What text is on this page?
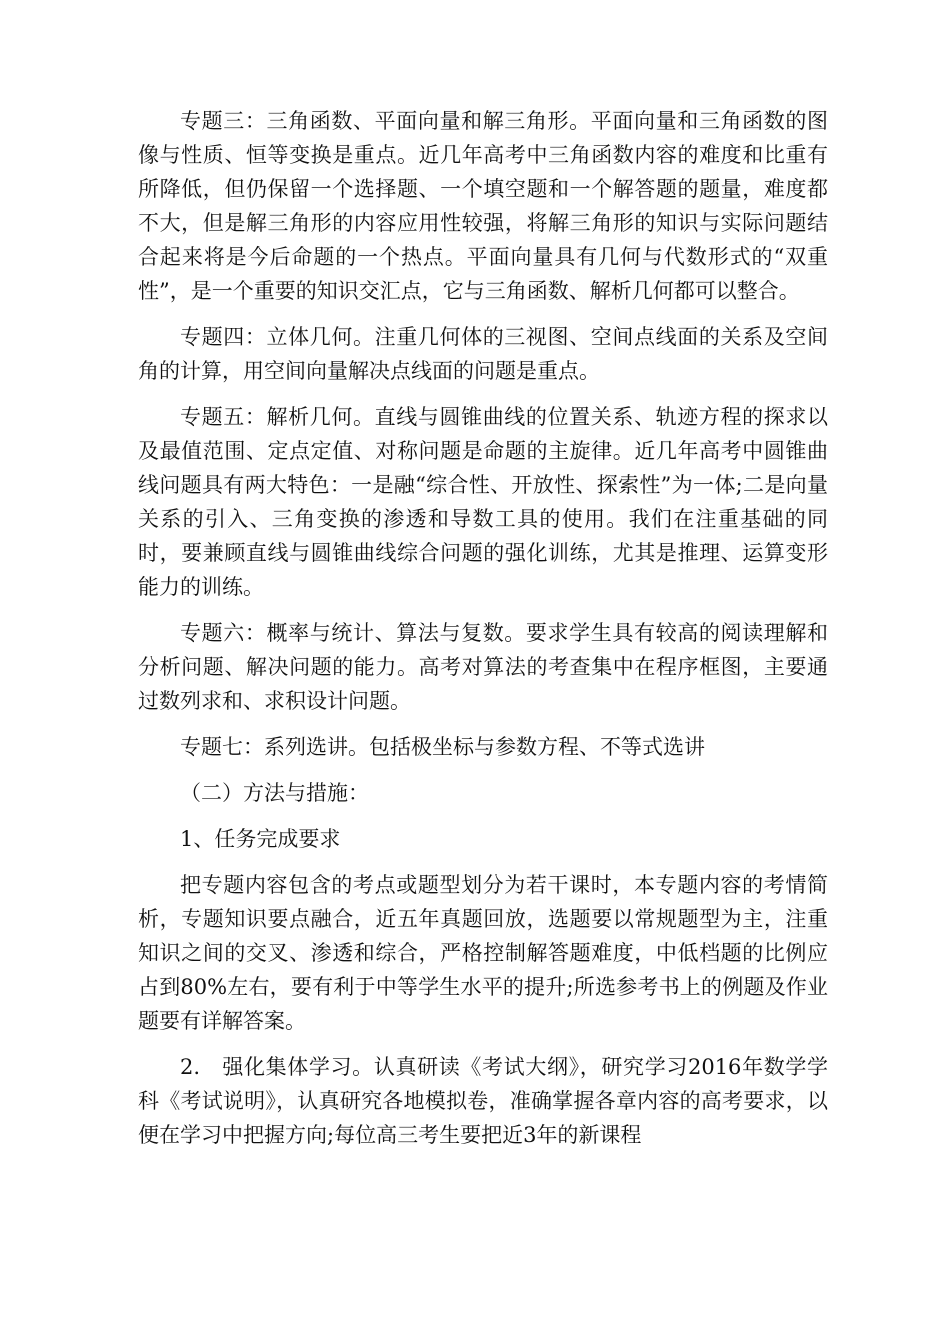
专题三：三角函数、平面向量和解三角形。平面向量和三角函数的图像与性质、恒等变换是重点。近几年高考中三角函数内容的难度和比重有所降低，但仍保留一个选择题、一个填空题和一个解答题的题量，难度都不大，但是解三角形的内容应用性较强，将解三角形的知识与实际问题结合起来将是今后命题的一个热点。平面向量具有几何与代数形式的“双重性”，是一个重要的知识交汇点，它与三角函数、解析几何都可以整合。

专题四：立体几何。注重几何体的三视图、空间点线面的关系及空间角的计算，用空间向量解决点线面的问题是重点。

专题五：解析几何。直线与圆锥曲线的位置关系、轨迹方程的探求以及最值范围、定点定值、对称问题是命题的主旋律。近几年高考中圆锥曲线问题具有两大特色：一是融“综合性、开放性、探索性”为一体;二是向量关系的引入、三角变换的渗透和导数工具的使用。我们在注重基础的同时，要兼顾直线与圆锥曲线综合问题的强化训练，尤其是推理、运算变形能力的训练。

专题六：概率与统计、算法与复数。要求学生具有较高的阅读理解和分析问题、解决问题的能力。高考对算法的考查集中在程序框图，主要通过数列求和、求积设计问题。

专题七：系列选讲。包括极坐标与参数方程、不等式选讲

（二）方法与措施：

1、任务完成要求

把专题内容包含的考点或题型划分为若干课时，本专题内容的考情简析，专题知识要点融合，近五年真题回放，选题要以常规题型为主，注重知识之间的交叉、渗透和综合，严格控制解答题难度，中低档题的比例应占到80%左右，要有利于中等学生水平的提升;所选参考书上的例题及作业题要有详解答案。

2.　强化集体学习。认真研读《考试大纲》，研究学习2016年数学学科《考试说明》，认真研究各地模拟卷，准确掌握各章内容的高考要求，以便在学习中把握方向;每位高三考生要把近3年的新课程
